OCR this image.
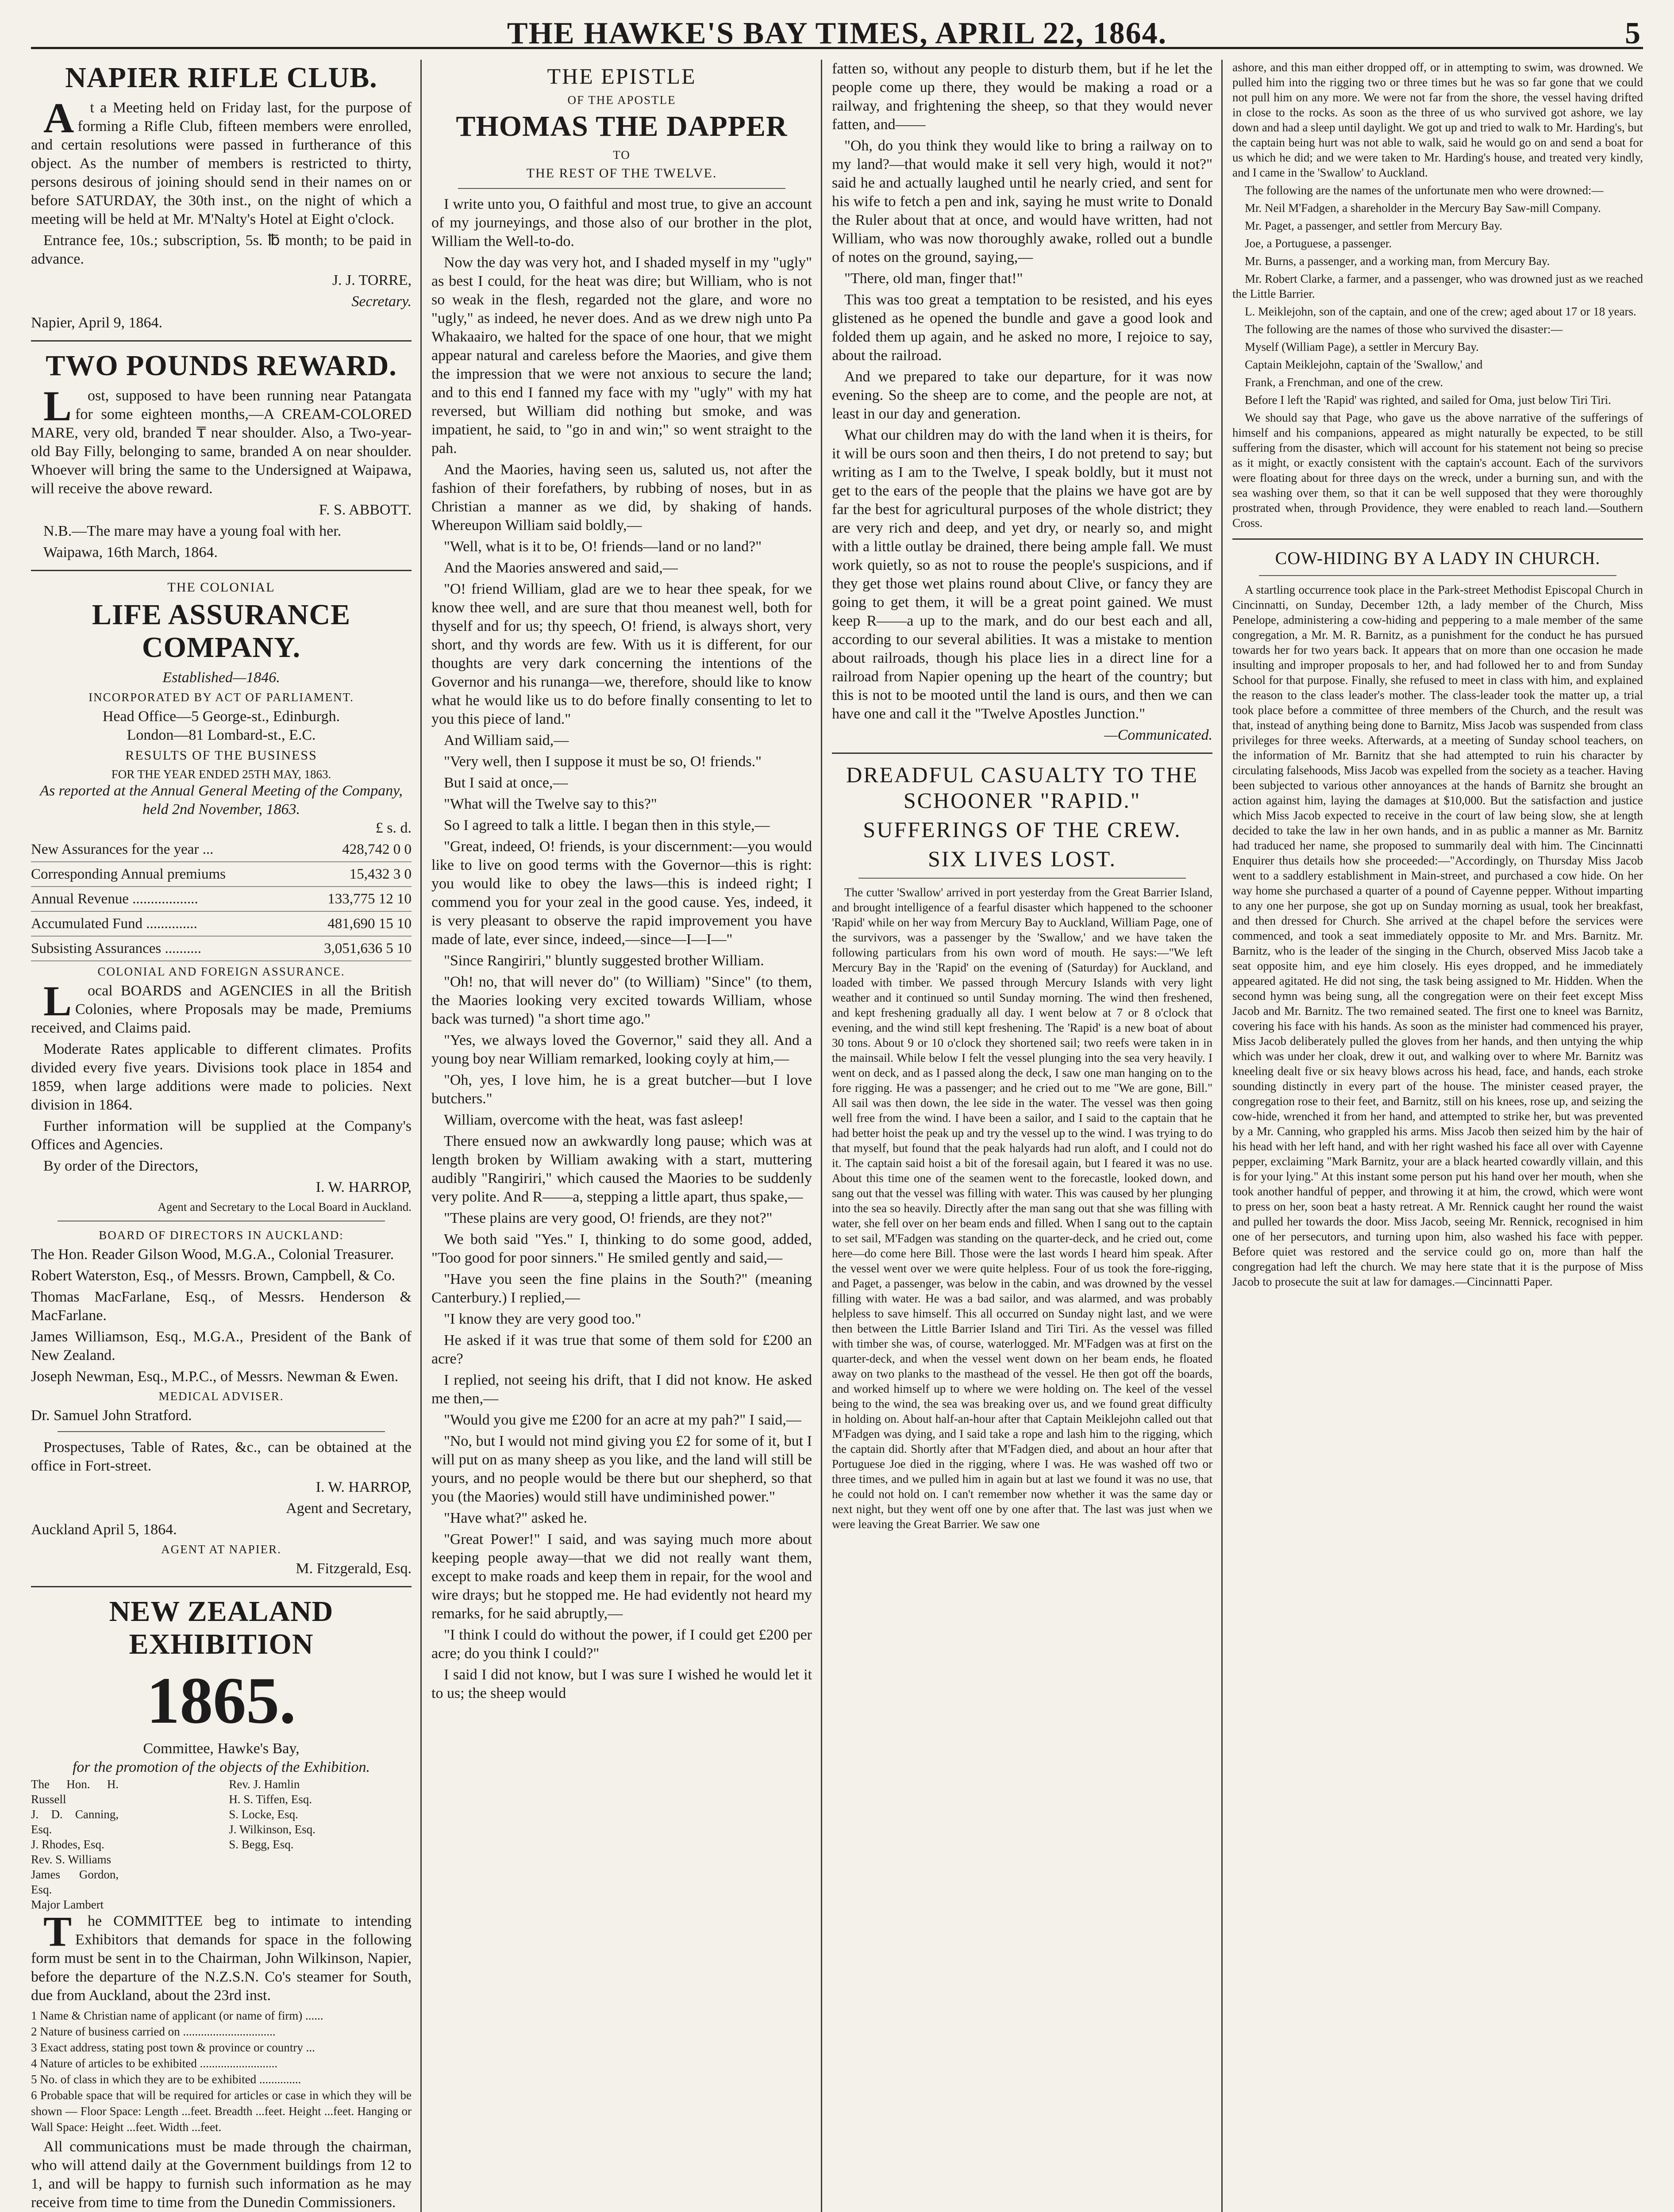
THE HAWKE'S BAY TIMES, APRIL 22, 1864.	5
NAPIER RIFLE CLUB.

At a Meeting held on Friday last, for the purpose of forming a Rifle Club, fifteen members were enrolled, and certain resolutions were passed in furtherance of this object. As the number of members is restricted to thirty, persons desirous of joining should send in their names on or before SATURDAY, the 30th inst., on the night of which a meeting will be held at Mr. M'Nalty's Hotel at Eight o'clock.

Entrance fee, 10s.; subscription, 5s. ℔ month; to be paid in advance.

J. J. TORRE,

Secretary.

Napier, April 9, 1864.

TWO POUNDS REWARD.

Lost, supposed to have been running near Patangata for some eighteen months,—A CREAM-COLORED MARE, very old, branded ₸ near shoulder. Also, a Two-year-old Bay Filly, belonging to same, branded A on near shoulder. Whoever will bring the same to the Undersigned at Waipawa, will receive the above reward.

F. S. ABBOTT.

N.B.—The mare may have a young foal with her.

Waipawa, 16th March, 1864.

THE COLONIAL
LIFE ASSURANCE COMPANY.
Established—1846.
INCORPORATED BY ACT OF PARLIAMENT.
Head Office—5 George-st., Edinburgh.
London—81 Lombard-st., E.C.
RESULTS OF THE BUSINESS
FOR THE YEAR ENDED 25TH MAY, 1863.
As reported at the Annual General Meeting of the Company, held 2nd November, 1863.
£ s. d.
New Assurances for the year ...	428,742 0 0
Corresponding Annual premiums	15,432 3 0
Annual Revenue ..................	133,775 12 10
Accumulated Fund ..............	481,690 15 10
Subsisting Assurances ..........	3,051,636 5 10
COLONIAL AND FOREIGN ASSURANCE.

Local BOARDS and AGENCIES in all the British Colonies, where Proposals may be made, Premiums received, and Claims paid.

Moderate Rates applicable to different climates. Profits divided every five years. Divisions took place in 1854 and 1859, when large additions were made to policies. Next division in 1864.

Further information will be supplied at the Company's Offices and Agencies.

By order of the Directors,

I. W. HARROP,

Agent and Secretary to the Local Board in Auckland.

BOARD OF DIRECTORS IN AUCKLAND:

The Hon. Reader Gilson Wood, M.G.A., Colonial Treasurer.

Robert Waterston, Esq., of Messrs. Brown, Campbell, & Co.

Thomas MacFarlane, Esq., of Messrs. Henderson & MacFarlane.

James Williamson, Esq., M.G.A., President of the Bank of New Zealand.

Joseph Newman, Esq., M.P.C., of Messrs. Newman & Ewen.

MEDICAL ADVISER.

Dr. Samuel John Stratford.

Prospectuses, Table of Rates, &c., can be obtained at the office in Fort-street.

I. W. HARROP,

Agent and Secretary,

Auckland April 5, 1864.

AGENT AT NAPIER.

M. Fitzgerald, Esq.

NEW ZEALAND EXHIBITION
1865.
Committee, Hawke's Bay,
for the promotion of the objects of the Exhibition.
The Hon. H. Russell
J. D. Canning, Esq.
J. Rhodes, Esq.
Rev. S. Williams
James Gordon, Esq.
Major Lambert
Rev. J. Hamlin
H. S. Tiffen, Esq.
S. Locke, Esq.
J. Wilkinson, Esq.
S. Begg, Esq.

The COMMITTEE beg to intimate to intending Exhibitors that demands for space in the following form must be sent in to the Chairman, John Wilkinson, Napier, before the departure of the N.Z.S.N. Co's steamer for South, due from Auckland, about the 23rd inst.

1 Name & Christian name of applicant (or name of firm) ......
2 Nature of business carried on ...............................
3 Exact address, stating post town & province or country ...
4 Nature of articles to be exhibited ..........................
5 No. of class in which they are to be exhibited ..............
6 Probable space that will be required for articles or case in which they will be shown — Floor Space: Length ...feet. Breadth ...feet. Height ...feet. Hanging or Wall Space: Height ...feet. Width ...feet.

All communications must be made through the chairman, who will attend daily at the Government buildings from 12 to 1, and will be happy to furnish such information as he may receive from time to time from the Dunedin Commissioners.

THE EPISTLE
OF THE APOSTLE
THOMAS THE DAPPER
TO
THE REST OF THE TWELVE.

I write unto you, O faithful and most true, to give an account of my journeyings, and those also of our brother in the plot, William the Well-to-do.

Now the day was very hot, and I shaded myself in my "ugly" as best I could, for the heat was dire; but William, who is not so weak in the flesh, regarded not the glare, and wore no "ugly," as indeed, he never does. And as we drew nigh unto Pa Whakaairo, we halted for the space of one hour, that we might appear natural and careless before the Maories, and give them the impression that we were not anxious to secure the land; and to this end I fanned my face with my "ugly" with my hat reversed, but William did nothing but smoke, and was impatient, he said, to "go in and win;" so went straight to the pah.

And the Maories, having seen us, saluted us, not after the fashion of their forefathers, by rubbing of noses, but in as Christian a manner as we did, by shaking of hands. Whereupon William said boldly,—

"Well, what is it to be, O! friends—land or no land?"

And the Maories answered and said,—

"O! friend William, glad are we to hear thee speak, for we know thee well, and are sure that thou meanest well, both for thyself and for us; thy speech, O! friend, is always short, very short, and thy words are few. With us it is different, for our thoughts are very dark concerning the intentions of the Governor and his runanga—we, therefore, should like to know what he would like us to do before finally consenting to let to you this piece of land."

And William said,—

"Very well, then I suppose it must be so, O! friends."

But I said at once,—

"What will the Twelve say to this?"

So I agreed to talk a little. I began then in this style,—

"Great, indeed, O! friends, is your discernment:—you would like to live on good terms with the Governor—this is right: you would like to obey the laws—this is indeed right; I commend you for your zeal in the good cause. Yes, indeed, it is very pleasant to observe the rapid improvement you have made of late, ever since, indeed,—since—I—I—"

"Since Rangiriri," bluntly suggested brother William.

"Oh! no, that will never do" (to William) "Since" (to them, the Maories looking very excited towards William, whose back was turned) "a short time ago."

"Yes, we always loved the Governor," said they all. And a young boy near William remarked, looking coyly at him,—

"Oh, yes, I love him, he is a great butcher—but I love butchers."

William, overcome with the heat, was fast asleep!

There ensued now an awkwardly long pause; which was at length broken by William awaking with a start, muttering audibly "Rangiriri," which caused the Maories to be suddenly very polite. And R——a, stepping a little apart, thus spake,—

"These plains are very good, O! friends, are they not?"

We both said "Yes." I, thinking to do some good, added, "Too good for poor sinners." He smiled gently and said,—

"Have you seen the fine plains in the South?" (meaning Canterbury.) I replied,—

"I know they are very good too."

He asked if it was true that some of them sold for £200 an acre?

I replied, not seeing his drift, that I did not know. He asked me then,—

"Would you give me £200 for an acre at my pah?" I said,—

"No, but I would not mind giving you £2 for some of it, but I will put on as many sheep as you like, and the land will still be yours, and no people would be there but our shepherd, so that you (the Maories) would still have undiminished power."

"Have what?" asked he.

"Great Power!" I said, and was saying much more about keeping people away—that we did not really want them, except to make roads and keep them in repair, for the wool and wire drays; but he stopped me. He had evidently not heard my remarks, for he said abruptly,—

"I think I could do without the power, if I could get £200 per acre; do you think I could?"

I said I did not know, but I was sure I wished he would let it to us; the sheep would

fatten so, without any people to disturb them, but if he let the people come up there, they would be making a road or a railway, and frightening the sheep, so that they would never fatten, and——

"Oh, do you think they would like to bring a railway on to my land?—that would make it sell very high, would it not?" said he and actually laughed until he nearly cried, and sent for his wife to fetch a pen and ink, saying he must write to Donald the Ruler about that at once, and would have written, had not William, who was now thoroughly awake, rolled out a bundle of notes on the ground, saying,—

"There, old man, finger that!"

This was too great a temptation to be resisted, and his eyes glistened as he opened the bundle and gave a good look and folded them up again, and he asked no more, I rejoice to say, about the railroad.

And we prepared to take our departure, for it was now evening. So the sheep are to come, and the people are not, at least in our day and generation.

What our children may do with the land when it is theirs, for it will be ours soon and then theirs, I do not pretend to say; but writing as I am to the Twelve, I speak boldly, but it must not get to the ears of the people that the plains we have got are by far the best for agricultural purposes of the whole district; they are very rich and deep, and yet dry, or nearly so, and might with a little outlay be drained, there being ample fall. We must work quietly, so as not to rouse the people's suspicions, and if they get those wet plains round about Clive, or fancy they are going to get them, it will be a great point gained. We must keep R——a up to the mark, and do our best each and all, according to our several abilities. It was a mistake to mention about railroads, though his place lies in a direct line for a railroad from Napier opening up the heart of the country; but this is not to be mooted until the land is ours, and then we can have one and call it the "Twelve Apostles Junction."

—Communicated.

DREADFUL CASUALTY TO THE SCHOONER "RAPID."
SUFFERINGS OF THE CREW.
SIX LIVES LOST.

The cutter 'Swallow' arrived in port yesterday from the Great Barrier Island, and brought intelligence of a fearful disaster which happened to the schooner 'Rapid' while on her way from Mercury Bay to Auckland, William Page, one of the survivors, was a passenger by the 'Swallow,' and we have taken the following particulars from his own word of mouth. He says:—"We left Mercury Bay in the 'Rapid' on the evening of (Saturday) for Auckland, and loaded with timber. We passed through Mercury Islands with very light weather and it continued so until Sunday morning. The wind then freshened, and kept freshening gradually all day. I went below at 7 or 8 o'clock that evening, and the wind still kept freshening. The 'Rapid' is a new boat of about 30 tons. About 9 or 10 o'clock they shortened sail; two reefs were taken in in the mainsail. While below I felt the vessel plunging into the sea very heavily. I went on deck, and as I passed along the deck, I saw one man hanging on to the fore rigging. He was a passenger; and he cried out to me "We are gone, Bill." All sail was then down, the lee side in the water. The vessel was then going well free from the wind. I have been a sailor, and I said to the captain that he had better hoist the peak up and try the vessel up to the wind. I was trying to do that myself, but found that the peak halyards had run aloft, and I could not do it. The captain said hoist a bit of the foresail again, but I feared it was no use. About this time one of the seamen went to the forecastle, looked down, and sang out that the vessel was filling with water. This was caused by her plunging into the sea so heavily. Directly after the man sang out that she was filling with water, she fell over on her beam ends and filled. When I sang out to the captain to set sail, M'Fadgen was standing on the quarter-deck, and he cried out, come here—do come here Bill. Those were the last words I heard him speak. After the vessel went over we were quite helpless. Four of us took the fore-rigging, and Paget, a passenger, was below in the cabin, and was drowned by the vessel filling with water. He was a bad sailor, and was alarmed, and was probably helpless to save himself. This all occurred on Sunday night last, and we were then between the Little Barrier Island and Tiri Tiri. As the vessel was filled with timber she was, of course, waterlogged. Mr. M'Fadgen was at first on the quarter-deck, and when the vessel went down on her beam ends, he floated away on two planks to the masthead of the vessel. He then got off the boards, and worked himself up to where we were holding on. The keel of the vessel being to the wind, the sea was breaking over us, and we found great difficulty in holding on. About half-an-hour after that Captain Meiklejohn called out that M'Fadgen was dying, and I said take a rope and lash him to the rigging, which the captain did. Shortly after that M'Fadgen died, and about an hour after that Portuguese Joe died in the rigging, where I was. He was washed off two or three times, and we pulled him in again but at last we found it was no use, that he could not hold on. I can't remember now whether it was the same day or next night, but they went off one by one after that. The last was just when we were leaving the Great Barrier. We saw one

ashore, and this man either dropped off, or in attempting to swim, was drowned. We pulled him into the rigging two or three times but he was so far gone that we could not pull him on any more. We were not far from the shore, the vessel having drifted in close to the rocks. As soon as the three of us who survived got ashore, we lay down and had a sleep until daylight. We got up and tried to walk to Mr. Harding's, but the captain being hurt was not able to walk, said he would go on and send a boat for us which he did; and we were taken to Mr. Harding's house, and treated very kindly, and I came in the 'Swallow' to Auckland.

The following are the names of the unfortunate men who were drowned:—

Mr. Neil M'Fadgen, a shareholder in the Mercury Bay Saw-mill Company.

Mr. Paget, a passenger, and settler from Mercury Bay.

Joe, a Portuguese, a passenger.

Mr. Burns, a passenger, and a working man, from Mercury Bay.

Mr. Robert Clarke, a farmer, and a passenger, who was drowned just as we reached the Little Barrier.

L. Meiklejohn, son of the captain, and one of the crew; aged about 17 or 18 years.

The following are the names of those who survived the disaster:—

Myself (William Page), a settler in Mercury Bay.

Captain Meiklejohn, captain of the 'Swallow,' and

Frank, a Frenchman, and one of the crew.

Before I left the 'Rapid' was righted, and sailed for Oma, just below Tiri Tiri.

We should say that Page, who gave us the above narrative of the sufferings of himself and his companions, appeared as might naturally be expected, to be still suffering from the disaster, which will account for his statement not being so precise as it might, or exactly consistent with the captain's account. Each of the survivors were floating about for three days on the wreck, under a burning sun, and with the sea washing over them, so that it can be well supposed that they were thoroughly prostrated when, through Providence, they were enabled to reach land.—Southern Cross.

COW-HIDING BY A LADY IN CHURCH.

A startling occurrence took place in the Park-street Methodist Episcopal Church in Cincinnatti, on Sunday, December 12th, a lady member of the Church, Miss Penelope, administering a cow-hiding and peppering to a male member of the same congregation, a Mr. M. R. Barnitz, as a punishment for the conduct he has pursued towards her for two years back. It appears that on more than one occasion he made insulting and improper proposals to her, and had followed her to and from Sunday School for that purpose. Finally, she refused to meet in class with him, and explained the reason to the class leader's mother. The class-leader took the matter up, a trial took place before a committee of three members of the Church, and the result was that, instead of anything being done to Barnitz, Miss Jacob was suspended from class privileges for three weeks. Afterwards, at a meeting of Sunday school teachers, on the information of Mr. Barnitz that she had attempted to ruin his character by circulating falsehoods, Miss Jacob was expelled from the society as a teacher. Having been subjected to various other annoyances at the hands of Barnitz she brought an action against him, laying the damages at $10,000. But the satisfaction and justice which Miss Jacob expected to receive in the court of law being slow, she at length decided to take the law in her own hands, and in as public a manner as Mr. Barnitz had traduced her name, she proposed to summarily deal with him. The Cincinnatti Enquirer thus details how she proceeded:—"Accordingly, on Thursday Miss Jacob went to a saddlery establishment in Main-street, and purchased a cow hide. On her way home she purchased a quarter of a pound of Cayenne pepper. Without imparting to any one her purpose, she got up on Sunday morning as usual, took her breakfast, and then dressed for Church. She arrived at the chapel before the services were commenced, and took a seat immediately opposite to Mr. and Mrs. Barnitz. Mr. Barnitz, who is the leader of the singing in the Church, observed Miss Jacob take a seat opposite him, and eye him closely. His eyes dropped, and he immediately appeared agitated. He did not sing, the task being assigned to Mr. Hidden. When the second hymn was being sung, all the congregation were on their feet except Miss Jacob and Mr. Barnitz. The two remained seated. The first one to kneel was Barnitz, covering his face with his hands. As soon as the minister had commenced his prayer, Miss Jacob deliberately pulled the gloves from her hands, and then untying the whip which was under her cloak, drew it out, and walking over to where Mr. Barnitz was kneeling dealt five or six heavy blows across his head, face, and hands, each stroke sounding distinctly in every part of the house. The minister ceased prayer, the congregation rose to their feet, and Barnitz, still on his knees, rose up, and seizing the cow-hide, wrenched it from her hand, and attempted to strike her, but was prevented by a Mr. Canning, who grappled his arms. Miss Jacob then seized him by the hair of his head with her left hand, and with her right washed his face all over with Cayenne pepper, exclaiming "Mark Barnitz, your are a black hearted cowardly villain, and this is for your lying." At this instant some person put his hand over her mouth, when she took another handful of pepper, and throwing it at him, the crowd, which were wont to press on her, soon beat a hasty retreat. A Mr. Rennick caught her round the waist and pulled her towards the door. Miss Jacob, seeing Mr. Rennick, recognised in him one of her persecutors, and turning upon him, also washed his face with pepper. Before quiet was restored and the service could go on, more than half the congregation had left the church. We may here state that it is the purpose of Miss Jacob to prosecute the suit at law for damages.—Cincinnatti Paper.
